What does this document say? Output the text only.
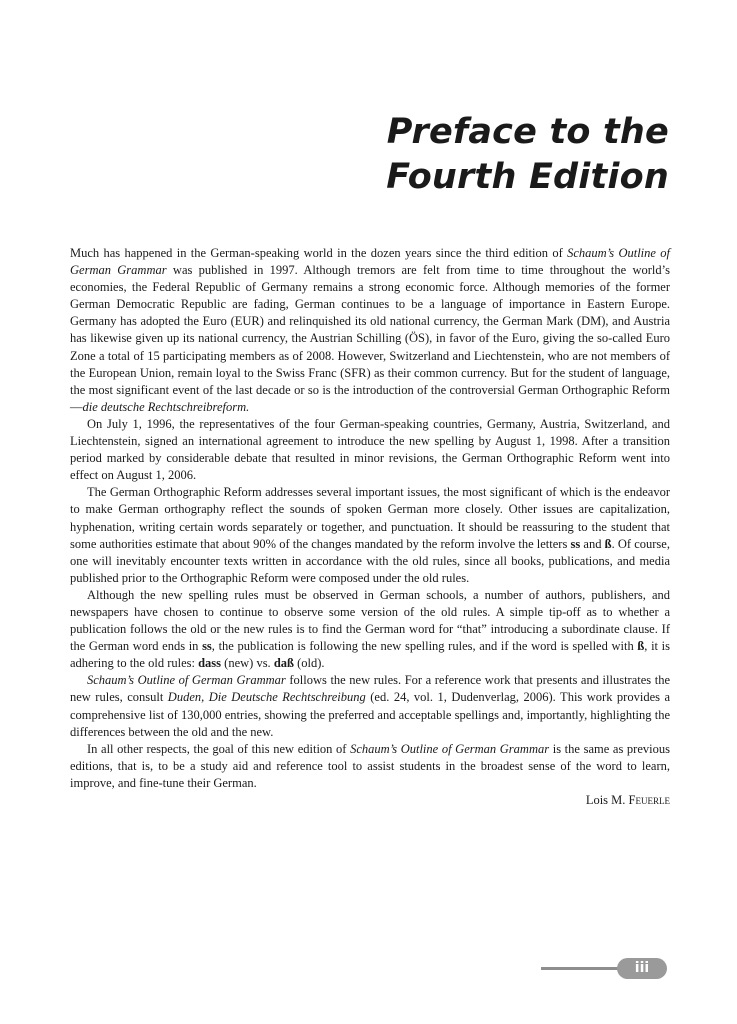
Preface to the
Fourth Edition

Much has happened in the German-speaking world in the dozen years since the third edition of Schaum’s Outline of German Grammar was published in 1997. Although tremors are felt from time to time throughout the world’s economies, the Federal Republic of Germany remains a strong economic force. Although memories of the former German Democratic Republic are fading, German continues to be a language of importance in Eastern Europe. Germany has adopted the Euro (EUR) and relinquished its old national currency, the German Mark (DM), and Austria has likewise given up its national currency, the Austrian Schilling (ÖS), in favor of the Euro, giving the so-called Euro Zone a total of 15 participating members as of 2008. However, Switzerland and Liechtenstein, who are not members of the European Union, remain loyal to the Swiss Franc (SFR) as their common currency. But for the student of language, the most significant event of the last decade or so is the introduction of the controversial German Orthographic Reform—die deutsche Rechtschreibreform.

On July 1, 1996, the representatives of the four German-speaking countries, Germany, Austria, Switzerland, and Liechtenstein, signed an international agreement to introduce the new spelling by August 1, 1998. After a transition period marked by considerable debate that resulted in minor revisions, the German Orthographic Reform went into effect on August 1, 2006.

The German Orthographic Reform addresses several important issues, the most significant of which is the endeavor to make German orthography reflect the sounds of spoken German more closely. Other issues are capitalization, hyphenation, writing certain words separately or together, and punctuation. It should be reassuring to the student that some authorities estimate that about 90% of the changes mandated by the reform involve the letters ss and ß. Of course, one will inevitably encounter texts written in accordance with the old rules, since all books, publications, and media published prior to the Orthographic Reform were composed under the old rules.

Although the new spelling rules must be observed in German schools, a number of authors, publishers, and newspapers have chosen to continue to observe some version of the old rules. A simple tip-off as to whether a publication follows the old or the new rules is to find the German word for “that” introducing a subordinate clause. If the German word ends in ss, the publication is following the new spelling rules, and if the word is spelled with ß, it is adhering to the old rules: dass (new) vs. daß (old).

Schaum’s Outline of German Grammar follows the new rules. For a reference work that presents and illustrates the new rules, consult Duden, Die Deutsche Rechtschreibung (ed. 24, vol. 1, Dudenverlag, 2006). This work provides a comprehensive list of 130,000 entries, showing the preferred and acceptable spellings and, importantly, highlighting the differences between the old and the new.

In all other respects, the goal of this new edition of Schaum’s Outline of German Grammar is the same as previous editions, that is, to be a study aid and reference tool to assist students in the broadest sense of the word to learn, improve, and fine-tune their German.

Lois M. Feuerle
iii
